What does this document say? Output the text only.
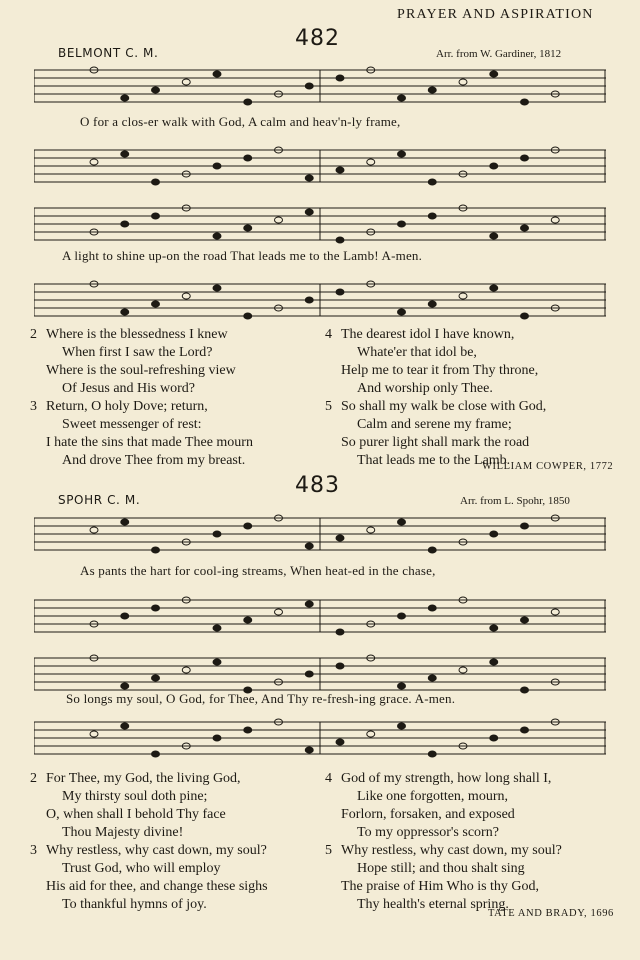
PRAYER AND ASPIRATION
482
BELMONT C. M.	Arr. from W. Gardiner, 1812
O for a clos-er walk with God, A calm and heav'n-ly frame,
A light to shine up-on the road That leads me to the Lamb! A-men.
2 Where is the blessedness I knew
When first I saw the Lord?
Where is the soul-refreshing view
Of Jesus and His word?
3 Return, O holy Dove; return,
Sweet messenger of rest:
I hate the sins that made Thee mourn
And drove Thee from my breast.
4 The dearest idol I have known,
Whate'er that idol be,
Help me to tear it from Thy throne,
And worship only Thee.
5 So shall my walk be close with God,
Calm and serene my frame;
So purer light shall mark the road
That leads me to the Lamb.
WILLIAM COWPER, 1772
483
SPOHR C. M.	Arr. from L. Spohr, 1850
As pants the hart for cool-ing streams, When heat-ed in the chase,
So longs my soul, O God, for Thee, And Thy re-fresh-ing grace. A-men.
2 For Thee, my God, the living God,
My thirsty soul doth pine;
O, when shall I behold Thy face
Thou Majesty divine!
3 Why restless, why cast down, my soul?
Trust God, who will employ
His aid for thee, and change these sighs
To thankful hymns of joy.
4 God of my strength, how long shall I,
Like one forgotten, mourn,
Forlorn, forsaken, and exposed
To my oppressor's scorn?
5 Why restless, why cast down, my soul?
Hope still; and thou shalt sing
The praise of Him Who is thy God,
Thy health's eternal spring.
TATE AND BRADY, 1696
